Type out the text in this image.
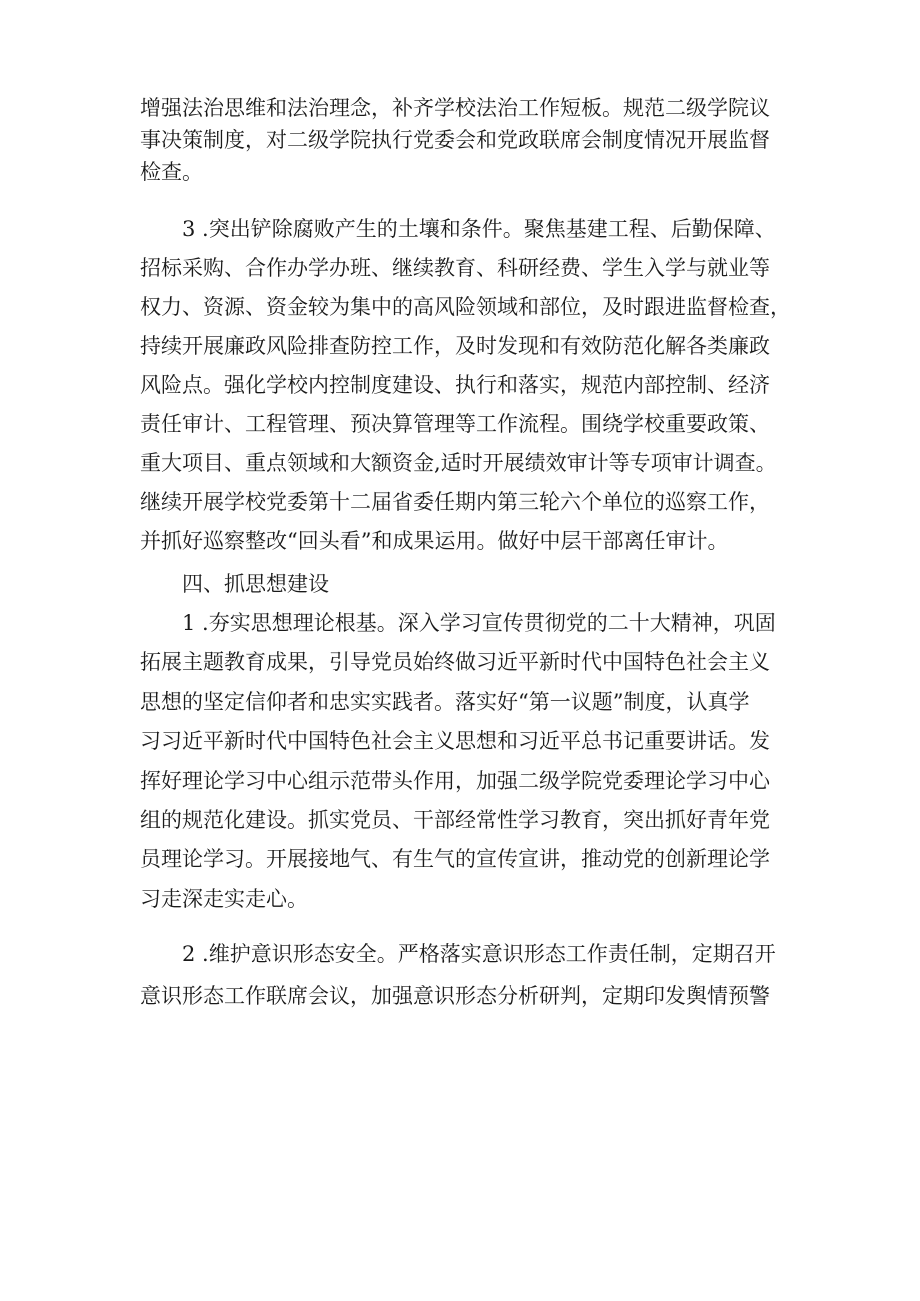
增强法治思维和法治理念，补齐学校法治工作短板。规范二级学院议
事决策制度，对二级学院执行党委会和党政联席会制度情况开展监督
检查。
3 .突出铲除腐败产生的土壤和条件。聚焦基建工程、后勤保障、
招标采购、合作办学办班、继续教育、科研经费、学生入学与就业等
权力、资源、资金较为集中的高风险领域和部位，及时跟进监督检查，
持续开展廉政风险排查防控工作，及时发现和有效防范化解各类廉政
风险点。强化学校内控制度建设、执行和落实，规范内部控制、经济
责任审计、工程管理、预决算管理等工作流程。围绕学校重要政策、
重大项目、重点领域和大额资金,适时开展绩效审计等专项审计调查。
继续开展学校党委第十二届省委任期内第三轮六个单位的巡察工作，
并抓好巡察整改“回头看”和成果运用。做好中层干部离任审计。
四、抓思想建设
1 .夯实思想理论根基。深入学习宣传贯彻党的二十大精神，巩固
拓展主题教育成果，引导党员始终做习近平新时代中国特色社会主义
思想的坚定信仰者和忠实实践者。落实好“第一议题”制度，认真学
习习近平新时代中国特色社会主义思想和习近平总书记重要讲话。发
挥好理论学习中心组示范带头作用，加强二级学院党委理论学习中心
组的规范化建设。抓实党员、干部经常性学习教育，突出抓好青年党
员理论学习。开展接地气、有生气的宣传宣讲，推动党的创新理论学
习走深走实走心。
2 .维护意识形态安全。严格落实意识形态工作责任制，定期召开
意识形态工作联席会议，加强意识形态分析研判，定期印发舆情预警
